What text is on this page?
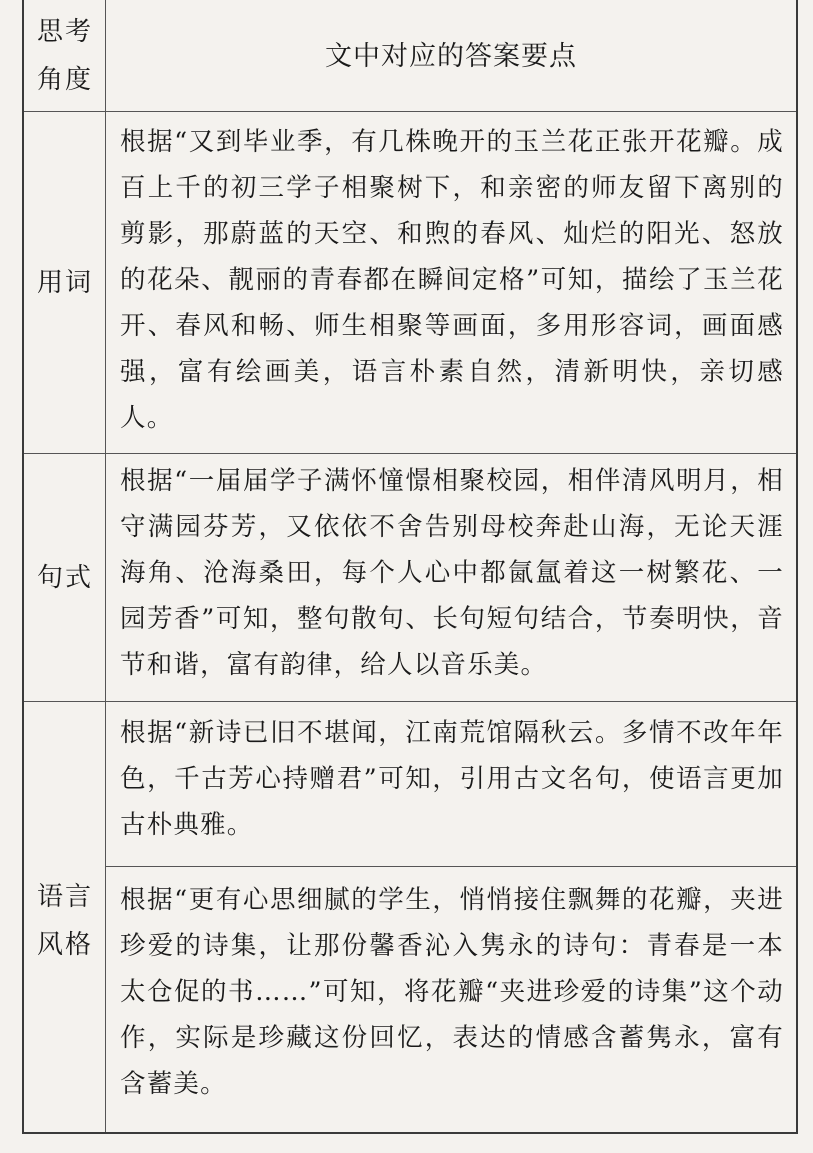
思考
角度
文中对应的答案要点
用词
根据“又到毕业季，有几株晚开的玉兰花正张开花瓣。成百上千的初三学子相聚树下，和亲密的师友留下离别的剪影，那蔚蓝的天空、和煦的春风、灿烂的阳光、怒放的花朵、靓丽的青春都在瞬间定格”可知，描绘了玉兰花开、春风和畅、师生相聚等画面，多用形容词，画面感强，富有绘画美，语言朴素自然，清新明快，亲切感人。
句式
根据“一届届学子满怀憧憬相聚校园，相伴清风明月，相守满园芬芳，又依依不舍告别母校奔赴山海，无论天涯海角、沧海桑田，每个人心中都氤氲着这一树繁花、一园芳香”可知，整句散句、长句短句结合，节奏明快，音节和谐，富有韵律，给人以音乐美。
语言
风格
根据“新诗已旧不堪闻，江南荒馆隔秋云。多情不改年年色，千古芳心持赠君”可知，引用古文名句，使语言更加古朴典雅。
根据“更有心思细腻的学生，悄悄接住飘舞的花瓣，夹进珍爱的诗集，让那份馨香沁入隽永的诗句：青春是一本太仓促的书……”可知，将花瓣“夹进珍爱的诗集”这个动作，实际是珍藏这份回忆，表达的情感含蓄隽永，富有含蓄美。
